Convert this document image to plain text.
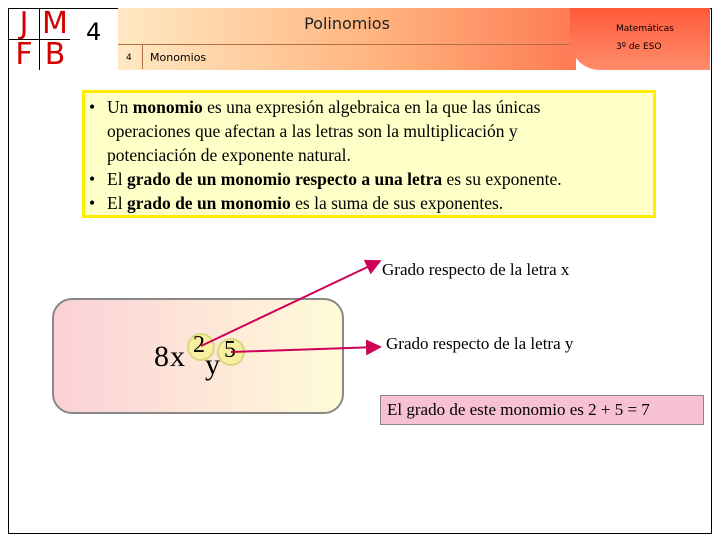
J M
F B
4	Polinomios
4 Monomios
Matemáticas
3º de ESO
• Un monomio es una expresión algebraica en la que las únicas
operaciones que afectan a las letras son la multiplicación y
potenciación de exponente natural.
• El grado de un monomio respecto a una letra es su exponente.
• El grado de un monomio es la suma de sus exponentes.
8 x 2
y 5
Grado respecto de la letra x
Grado respecto de la letra y
El grado de este monomio es 2 + 5 = 7
